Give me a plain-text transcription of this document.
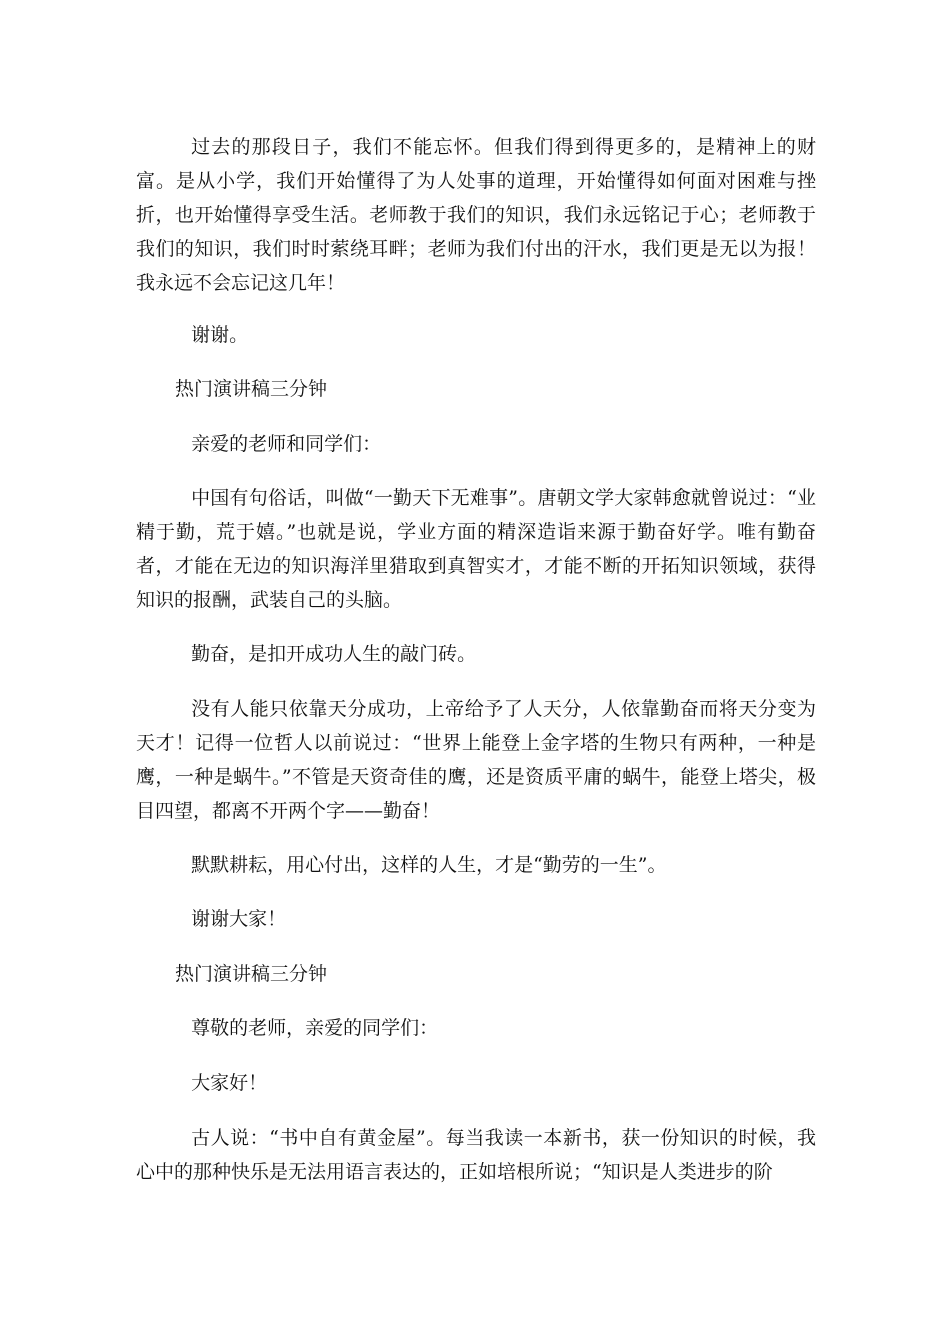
过去的那段日子，我们不能忘怀。但我们得到得更多的，是精神上的财富。是从小学，我们开始懂得了为人处事的道理，开始懂得如何面对困难与挫折，也开始懂得享受生活。老师教于我们的知识，我们永远铭记于心；老师教于我们的知识，我们时时萦绕耳畔；老师为我们付出的汗水，我们更是无以为报！我永远不会忘记这几年！

谢谢。

热门演讲稿三分钟

亲爱的老师和同学们：

中国有句俗话，叫做“一勤天下无难事”。唐朝文学大家韩愈就曾说过：“业精于勤，荒于嬉。”也就是说，学业方面的精深造诣来源于勤奋好学。唯有勤奋者，才能在无边的知识海洋里猎取到真智实才，才能不断的开拓知识领域，获得知识的报酬，武装自己的头脑。

勤奋，是扣开成功人生的敲门砖。

没有人能只依靠天分成功，上帝给予了人天分，人依靠勤奋而将天分变为天才！记得一位哲人以前说过：“世界上能登上金字塔的生物只有两种，一种是鹰，一种是蜗牛。”不管是天资奇佳的鹰，还是资质平庸的蜗牛，能登上塔尖，极目四望，都离不开两个字——勤奋！

默默耕耘，用心付出，这样的人生，才是“勤劳的一生”。

谢谢大家！

热门演讲稿三分钟

尊敬的老师，亲爱的同学们：

大家好！

古人说：“书中自有黄金屋”。每当我读一本新书，获一份知识的时候，我心中的那种快乐是无法用语言表达的，正如培根所说；“知识是人类进步的阶
